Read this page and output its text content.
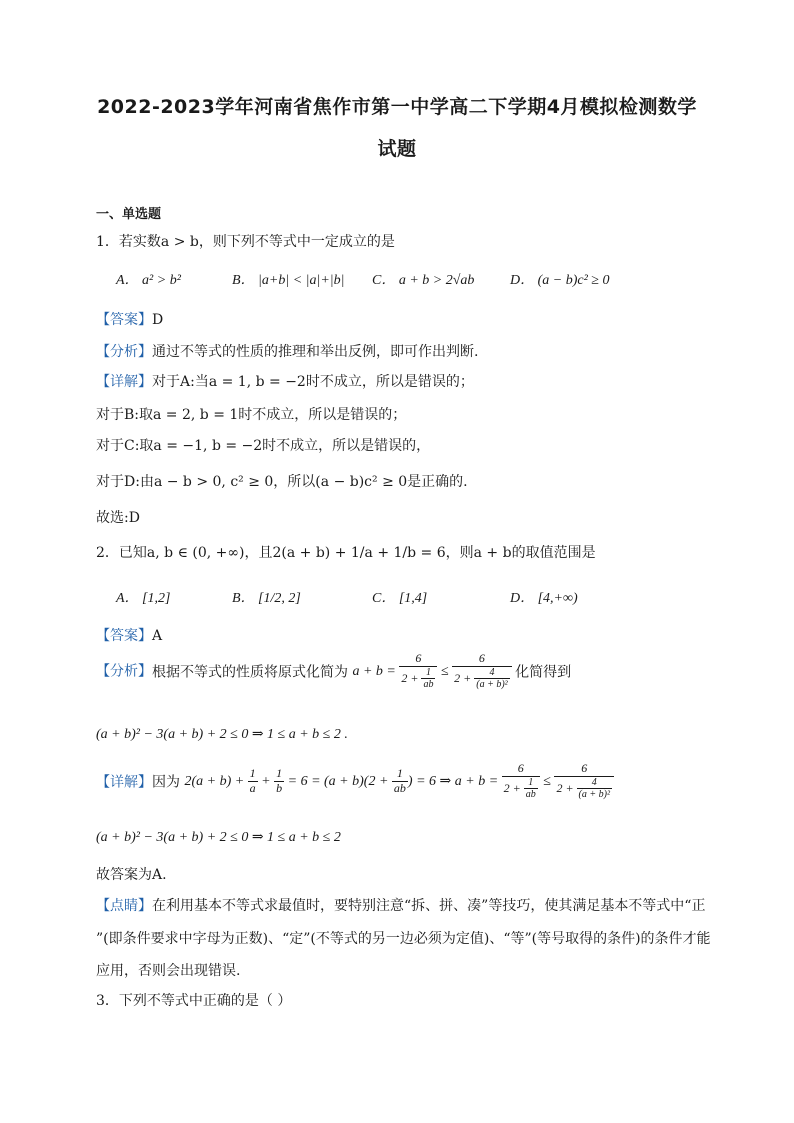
2022-2023学年河南省焦作市第一中学高二下学期4月模拟检测数学
试题
一、单选题
1．若实数a > b，则下列不等式中一定成立的是
A． a² > b²	B． |a+b| < |a|+|b| C． a + b > 2√ab	D． (a − b)c² ≥ 0
【答案】D
【分析】通过不等式的性质的推理和举出反例，即可作出判断.
【详解】对于A:当a = 1, b = −2时不成立，所以是错误的；
对于B:取a = 2, b = 1时不成立，所以是错误的；
对于C:取a = −1, b = −2时不成立，所以是错误的，
对于D:由a − b > 0, c² ≥ 0，所以(a − b)c² ≥ 0是正确的.
故选:D
2．已知a, b ∈ (0, +∞)，且2(a + b) + 1/a + 1/b = 6，则a + b的取值范围是
A． [1,2]	B． [1/2, 2]	C． [1,4]	D． [4,+∞)
【答案】A
【分析】根据不等式的性质将原式化简为 $a + b = \frac{6}{2 + \frac{1}{ab}} \le \frac{6}{2 + \frac{4}{\text{(a + b)²}}}$ 化简得到
(a + b)² − 3(a + b) + 2 ≤ 0 ⇒ 1 ≤ a + b ≤ 2 .
【详解】因为 $2(a + b) + \frac{1}{a} + \frac{1}{b} = 6 = (a + b)(2 + \frac{1}{ab}$ ) = 6 ⇒ $a + b = \frac{6}{2 + \frac{1}{ab}} \le \frac{6}{2 + \frac{4}{\text{(a + b)²}}}$
(a + b)² − 3(a + b) + 2 ≤ 0 ⇒ 1 ≤ a + b ≤ 2
故答案为A.
【点睛】在利用基本不等式求最值时，要特别注意“拆、拼、凑”等技巧，使其满足基本不等式中“正
”(即条件要求中字母为正数)、“定”(不等式的另一边必须为定值)、“等”(等号取得的条件)的条件才能
应用，否则会出现错误.
3．下列不等式中正确的是（ ）
